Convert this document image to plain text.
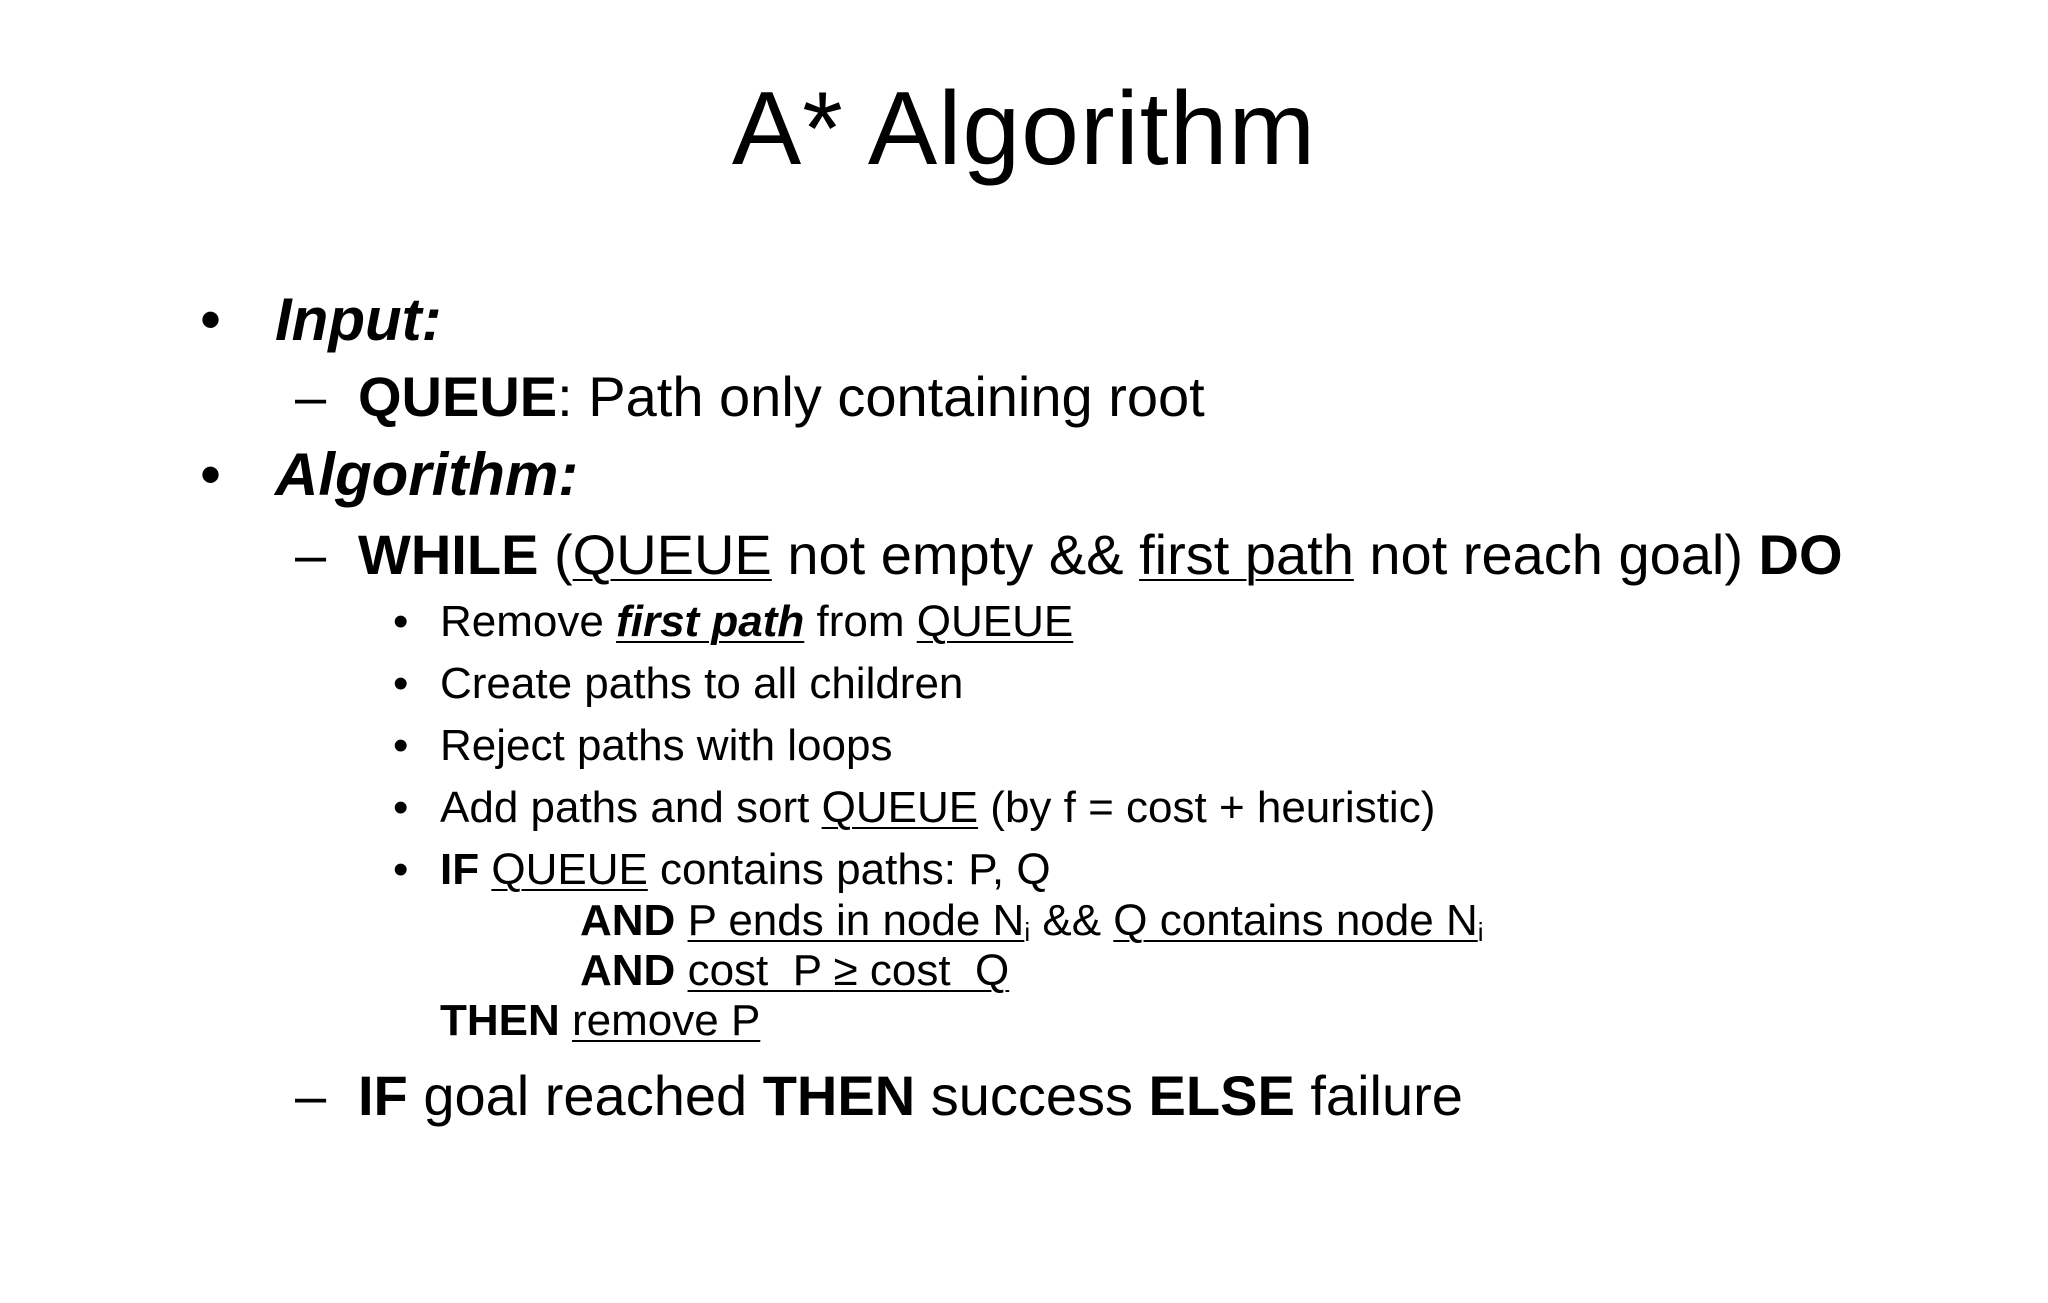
A* Algorithm
• Input:
– QUEUE: Path only containing root
• Algorithm:
– WHILE (QUEUE not empty && first path not reach goal) DO
• Remove first path from QUEUE
• Create paths to all children
• Reject paths with loops
• Add paths and sort QUEUE (by f = cost + heuristic)
• IF QUEUE contains paths: P, Q
AND P ends in node $N_i$ && Q contains node $N_i$
AND cost  P ≥ cost  Q
THEN remove P
– IF goal reached THEN success ELSE failure
